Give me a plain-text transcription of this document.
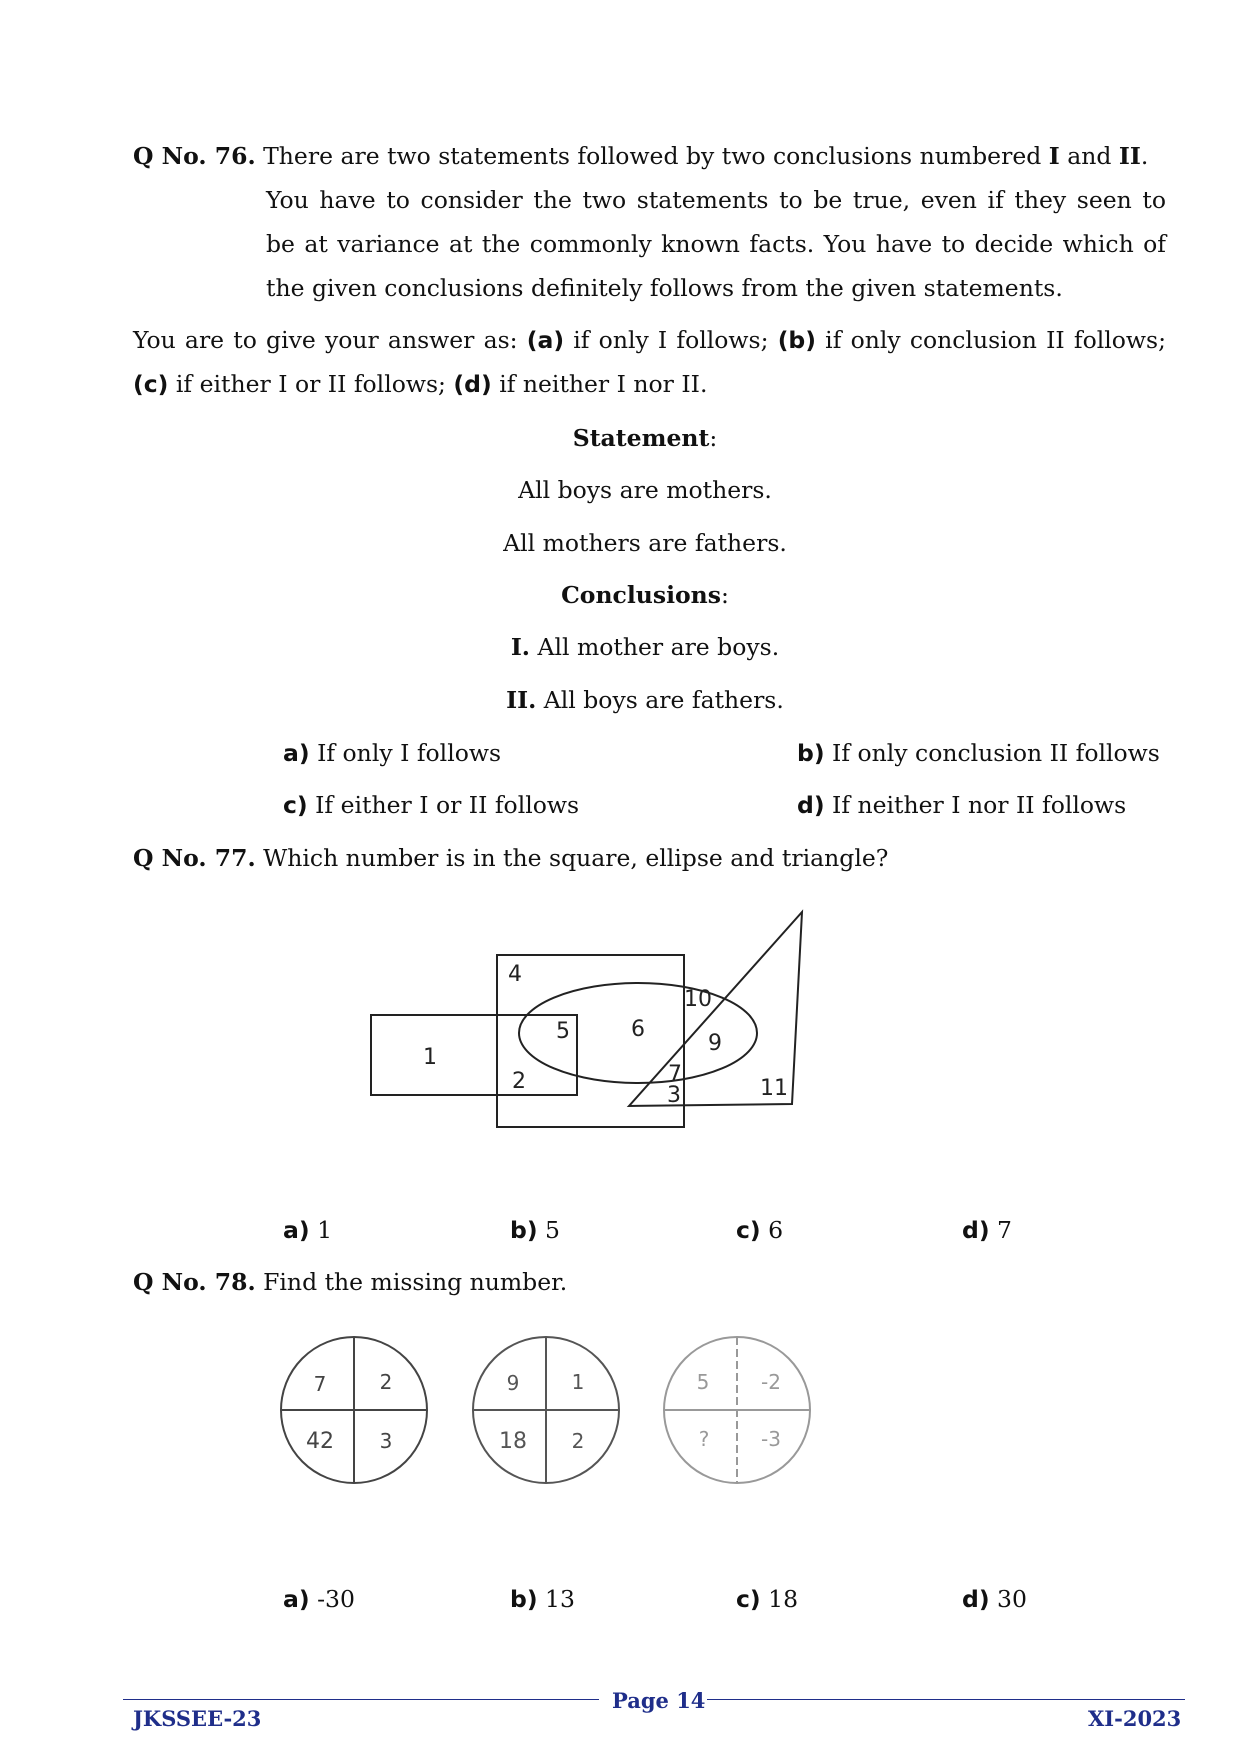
Q No. 76. There are two statements followed by two conclusions numbered I and II.
You have to consider the two statements to be true, even if they seen to
be at variance at the commonly known facts. You have to decide which of
the given conclusions definitely follows from the given statements.
You are to give your answer as: (a) if only I follows; (b) if only conclusion II follows;
(c) if either I or II follows; (d) if neither I nor II.
Statement:
All boys are mothers.
All mothers are fathers.
Conclusions:
I. All mother are boys.
II. All boys are fathers.
a) If only I follows	b) If only conclusion II follows
c) If either I or II follows	d) If neither I nor II follows
Q No. 77. Which number is in the square, ellipse and triangle?
1
2
4
5	6
10
9
7
3	11
a) 1	b) 5	c) 6	d) 7
Q No. 78. Find the missing number.
7	2
42 3
9	1
18 2
5	-2
?	-3
a) -30	b) 13	c) 18	d) 30
Page 14
JKSSEE-23	XI-2023
